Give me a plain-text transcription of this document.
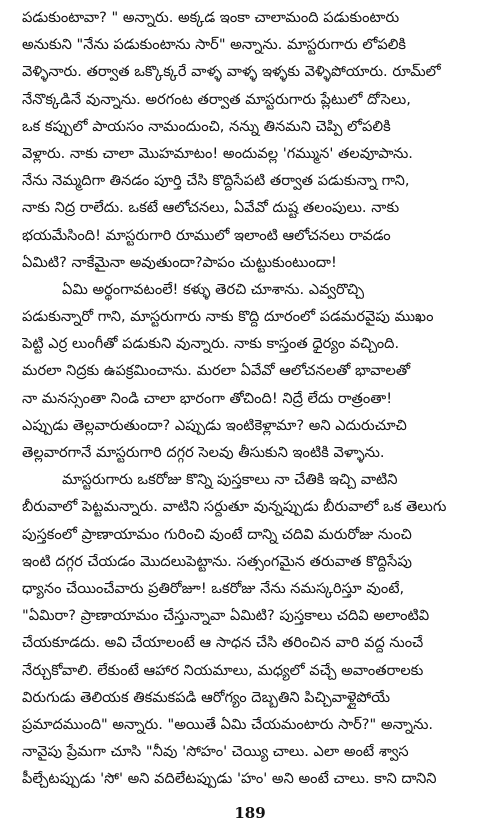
పడుకుంటావా? " అన్నారు. అక్కడ ఇంకా చాలామంది పడుకుంటారు
అనుకుని "నేను పడుకుంటాను సార్" అన్నాను. మాస్టరుగారు లోపలికి
వెళ్ళినారు. తర్వాత ఒక్కొక్కరే వాళ్ళ వాళ్ళ ఇళ్ళకు వెళ్ళిపోయారు. రూమ్‌లో
నేనొక్కడినే వున్నాను. అరగంట తర్వాత మాస్టరుగారు ప్లేటులో దోసెలు,
ఒక కప్పులో పాయసం నామందుంచి, నన్ను తినమని చెప్పి లోపలికి
వెళ్లారు. నాకు చాలా మొహమాటం! అందువల్ల 'గమ్మున' తలవూపాను.
నేను నెమ్మదిగా తినడం పూర్తి చేసి కొద్దిసేపటి తర్వాత పడుకున్నా గాని,
నాకు నిద్ర రాలేదు. ఒకటే ఆలోచనలు, ఏవేవో దుష్ట తలంపులు. నాకు
భయమేసింది! మాస్టరుగారి రూములో ఇలాంటి ఆలోచనలు రావడం
ఏమిటి? నాకేమైనా అవుతుందా?పాపం చుట్టుకుంటుందా!
ఏమి అర్థంగావటంలే! కళ్ళు తెరచి చూశాను. ఎవ్వరొచ్చి
పడుకున్నారో గాని, మాస్టరుగారు నాకు కొద్ది దూరంలో పడమరవైపు ముఖం
పెట్టి ఎర్ర లుంగీతో పడుకుని వున్నారు. నాకు కాస్తంత ధైర్యం వచ్చింది.
మరలా నిద్రకు ఉపక్రమించాను. మరలా ఏవేవో ఆలోచనలతో భావాలతో
నా మనస్సంతా నిండి చాలా భారంగా తోచింది! నిద్రే లేదు రాత్రంతా!
ఎప్పుడు తెల్లవారుతుందా? ఎప్పుడు ఇంటికెళ్లామా? అని ఎదురుచూచి
తెల్లవారగానే మాస్టరుగారి దగ్గర సెలవు తీసుకుని ఇంటికి వెళ్ళాను.
మాస్టరుగారు ఒకరోజు కొన్ని పుస్తకాలు నా చేతికి ఇచ్చి వాటిని
బీరువాలో పెట్టమన్నారు. వాటిని సర్దుతూ వున్నప్పుడు బీరువాలో ఒక తెలుగు
పుస్తకంలో ప్రాణాయామం గురించి వుంటే దాన్ని చదివి మరురోజు నుంచి
ఇంటి దగ్గర చేయడం మొదలుపెట్టాను. సత్సంగమైన తరువాత కొద్దిసేపు
ధ్యానం చేయించేవారు ప్రతిరోజూ! ఒకరోజు నేను నమస్కరిస్తూ వుంటే,
"ఏమిరా? ప్రాణాయామం చేస్తున్నావా ఏమిటి? పుస్తకాలు చదివి అలాంటివి
చేయకూడదు. అవి చేయాలంటే ఆ సాధన చేసి తరించిన వారి వద్ద నుంచే
నేర్చుకోవాలి. లేకుంటే ఆహార నియమాలు, మధ్యలో వచ్చే అవాంతరాలకు
విరుగుడు తెలియక తికమకపడి ఆరోగ్యం దెబ్బతిని పిచ్చివాళ్లైపోయే
ప్రమాదముంది" అన్నారు. "అయితే ఏమి చేయమంటారు సార్?" అన్నాను.
నావైపు ప్రేమగా చూసి "నీవు 'సోహం' చెయ్యి చాలు. ఎలా అంటే శ్వాస
పీల్చేటప్పుడు 'సో' అని వదిలేటప్పుడు 'హం' అని అంటే చాలు. కాని దానిని
189
